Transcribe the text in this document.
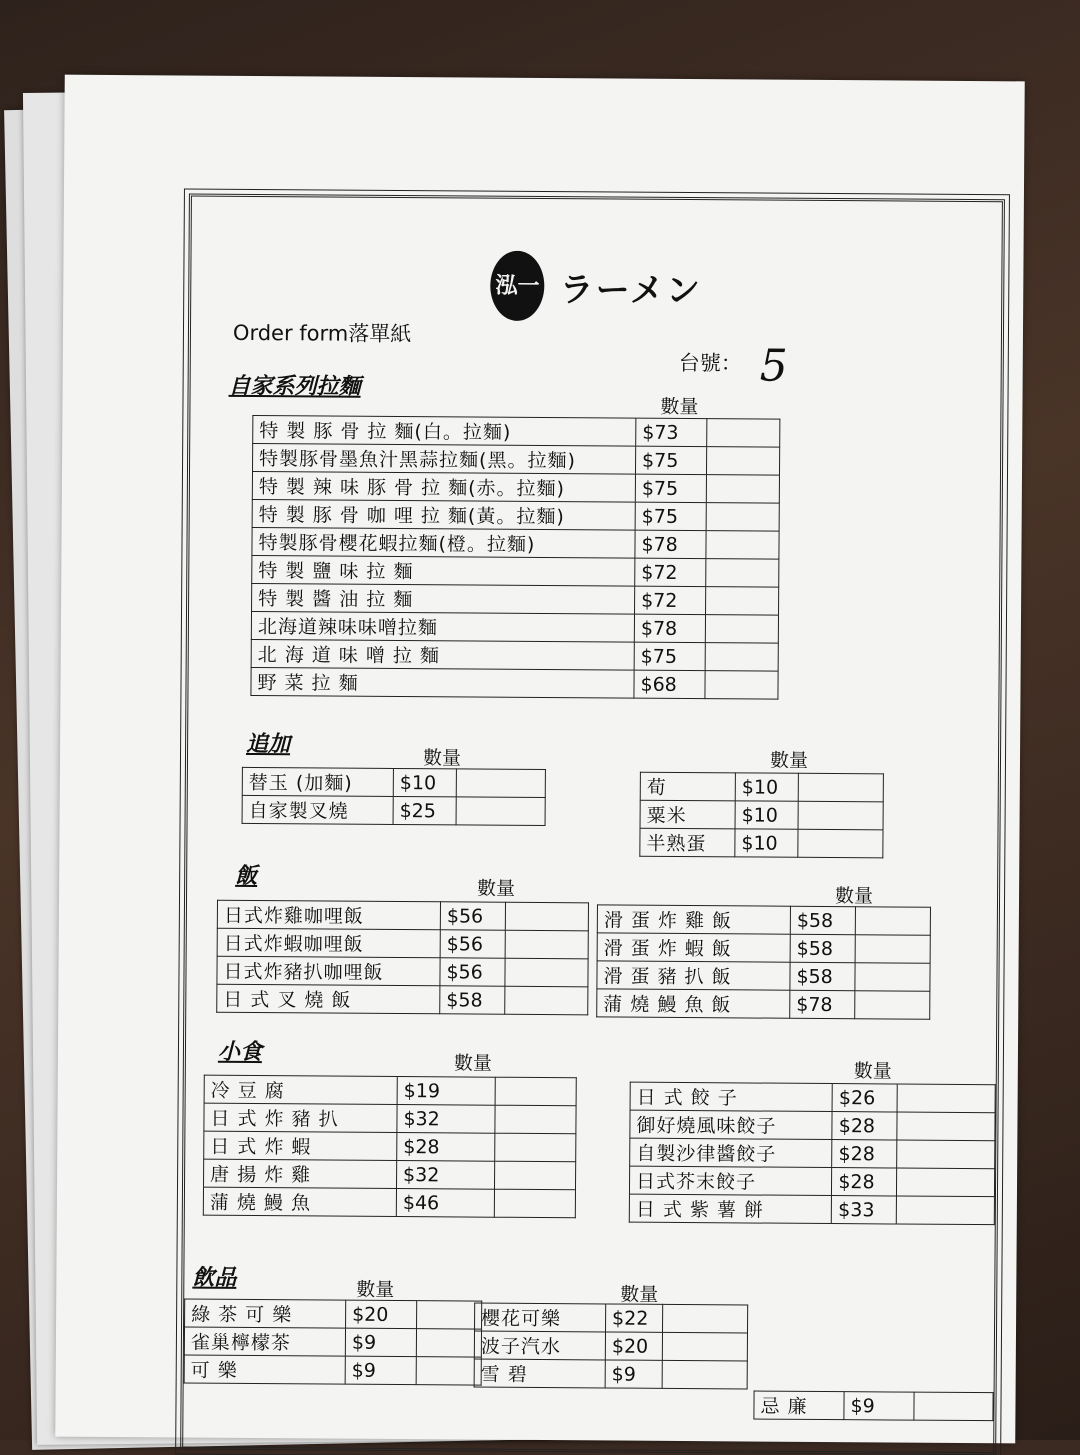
泓一 ラーメン
Order form落單紙
台號： 5
自家系列拉麵
數量
特 製 豚 骨 拉 麵(白。拉麵)	$73	
特製豚骨墨魚汁黑蒜拉麵(黑。拉麵)	$75	
特 製 辣 味 豚 骨 拉 麵(赤。拉麵)	$75	
特 製 豚 骨 咖 哩 拉 麵(黃。拉麵)	$75	
特製豚骨櫻花蝦拉麵(橙。拉麵)	$78	
特 製 鹽 味 拉 麵	$72	
特 製 醬 油 拉 麵	$72	
北海道辣味味噌拉麵	$78	
北 海 道 味 噌 拉 麵	$75	
野 菜 拉 麵	$68	
追加
數量	數量
替玉 (加麵)	$10	
自家製叉燒	$25	
荀	$10	
粟米	$10	
半熟蛋	$10	
飯	數量	數量
日式炸雞咖哩飯	$56	
日式炸蝦咖哩飯	$56	
日式炸豬扒咖哩飯	$56	
日 式 叉 燒 飯	$58	
滑 蛋 炸 雞 飯	$58	
滑 蛋 炸 蝦 飯	$58	
滑 蛋 豬 扒 飯	$58	
蒲 燒 鰻 魚 飯	$78	
小食	數量	數量
冷 豆 腐	$19	
日 式 炸 豬 扒	$32	
日 式 炸 蝦	$28	
唐 揚 炸 雞	$32	
蒲 燒 鰻 魚	$46	
日 式 餃 子	$26	
御好燒風味餃子	$28	
自製沙律醬餃子	$28	
日式芥末餃子	$28	
日 式 紫 薯 餅	$33	
飲品	數量	數量
綠 茶 可 樂	$20	
雀巢檸檬茶	$9	
可 樂	$9	
櫻花可樂	$22	
波子汽水	$20	
雪 碧	$9	
忌 廉	$9	
